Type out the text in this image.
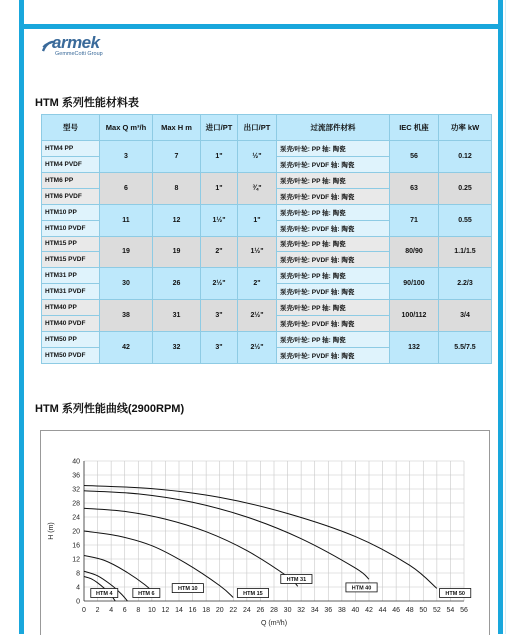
armek
GemmeCotti Group
HTM 系列性能材料表
型号	Max Q m³/h	Max H m	进口/PT	出口/PT	过流部件材料	IEC 机座	功率 kW
HTM4 PP	3	7	1"	½"	泵壳/叶轮: PP 轴: 陶瓷	56	0.12
HTM4 PVDF					泵壳/叶轮: PVDF 轴: 陶瓷		
HTM6 PP	6	8	1"	¾"	泵壳/叶轮: PP 轴: 陶瓷	63	0.25
HTM6 PVDF					泵壳/叶轮: PVDF 轴: 陶瓷		
HTM10 PP	11	12	1½"	1"	泵壳/叶轮: PP 轴: 陶瓷	71	0.55
HTM10 PVDF					泵壳/叶轮: PVDF 轴: 陶瓷		
HTM15 PP	19	19	2"	1½"	泵壳/叶轮: PP 轴: 陶瓷	80/90	1.1/1.5
HTM15 PVDF					泵壳/叶轮: PVDF 轴: 陶瓷		
HTM31 PP	30	26	2½"	2"	泵壳/叶轮: PP 轴: 陶瓷	90/100	2.2/3
HTM31 PVDF					泵壳/叶轮: PVDF 轴: 陶瓷		
HTM40 PP	38	31	3"	2½"	泵壳/叶轮: PP 轴: 陶瓷	100/112	3/4
HTM40 PVDF					泵壳/叶轮: PVDF 轴: 陶瓷		
HTM50 PP	42	32	3"	2½"	泵壳/叶轮: PP 轴: 陶瓷	132	5.5/7.5
HTM50 PVDF					泵壳/叶轮: PVDF 轴: 陶瓷		
HTM 系列性能曲线(2900RPM)
0 2 4 6 8 10 12 14 16 18 20 22 24 26 28 30 32 34 36 38 40 42 44 46 48 50 52 54 56
0
4
8
12
16
20
24
28
32
36
40
H (m)
Q (m³/h)
HTM 4	HTM 6
HTM 10
HTM 15
HTM 31
HTM 40
HTM 50
